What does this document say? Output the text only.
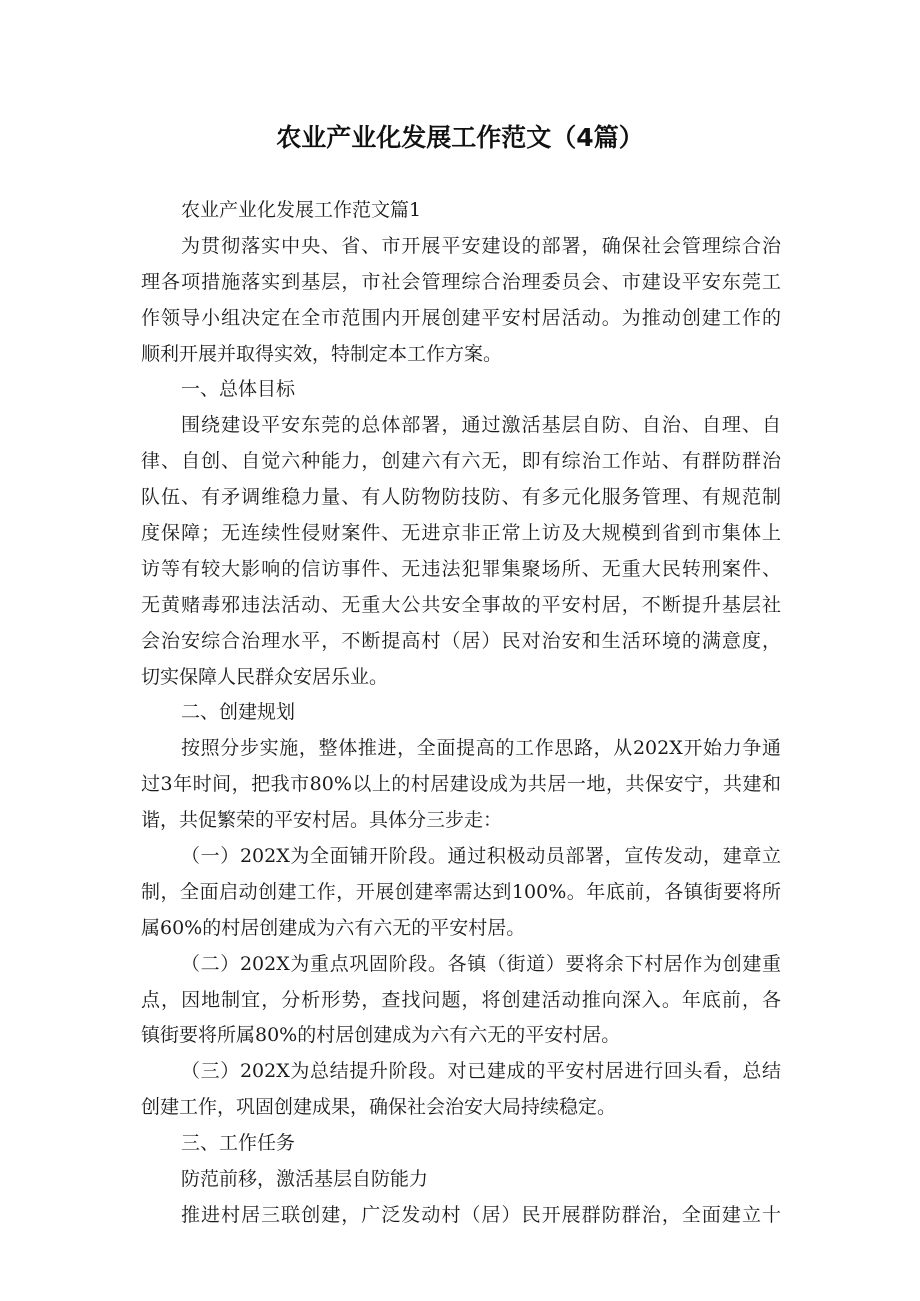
农业产业化发展工作范文（4篇）
农业产业化发展工作范文篇1
为贯彻落实中央、省、市开展平安建设的部署，确保社会管理综合治
理各项措施落实到基层，市社会管理综合治理委员会、市建设平安东莞工
作领导小组决定在全市范围内开展创建平安村居活动。为推动创建工作的
顺利开展并取得实效，特制定本工作方案。
一、总体目标
围绕建设平安东莞的总体部署，通过激活基层自防、自治、自理、自
律、自创、自觉六种能力，创建六有六无，即有综治工作站、有群防群治
队伍、有矛调维稳力量、有人防物防技防、有多元化服务管理、有规范制
度保障；无连续性侵财案件、无进京非正常上访及大规模到省到市集体上
访等有较大影响的信访事件、无违法犯罪集聚场所、无重大民转刑案件、
无黄赌毒邪违法活动、无重大公共安全事故的平安村居，不断提升基层社
会治安综合治理水平，不断提高村（居）民对治安和生活环境的满意度，
切实保障人民群众安居乐业。
二、创建规划
按照分步实施，整体推进，全面提高的工作思路，从202X开始力争通
过3年时间，把我市80%以上的村居建设成为共居一地，共保安宁，共建和
谐，共促繁荣的平安村居。具体分三步走：
（一）202X为全面铺开阶段。通过积极动员部署，宣传发动，建章立
制，全面启动创建工作，开展创建率需达到100%。年底前，各镇街要将所
属60%的村居创建成为六有六无的平安村居。
（二）202X为重点巩固阶段。各镇（街道）要将余下村居作为创建重
点，因地制宜，分析形势，查找问题，将创建活动推向深入。年底前，各
镇街要将所属80%的村居创建成为六有六无的平安村居。
（三）202X为总结提升阶段。对已建成的平安村居进行回头看，总结
创建工作，巩固创建成果，确保社会治安大局持续稳定。
三、工作任务
防范前移，激活基层自防能力
推进村居三联创建，广泛发动村（居）民开展群防群治，全面建立十
